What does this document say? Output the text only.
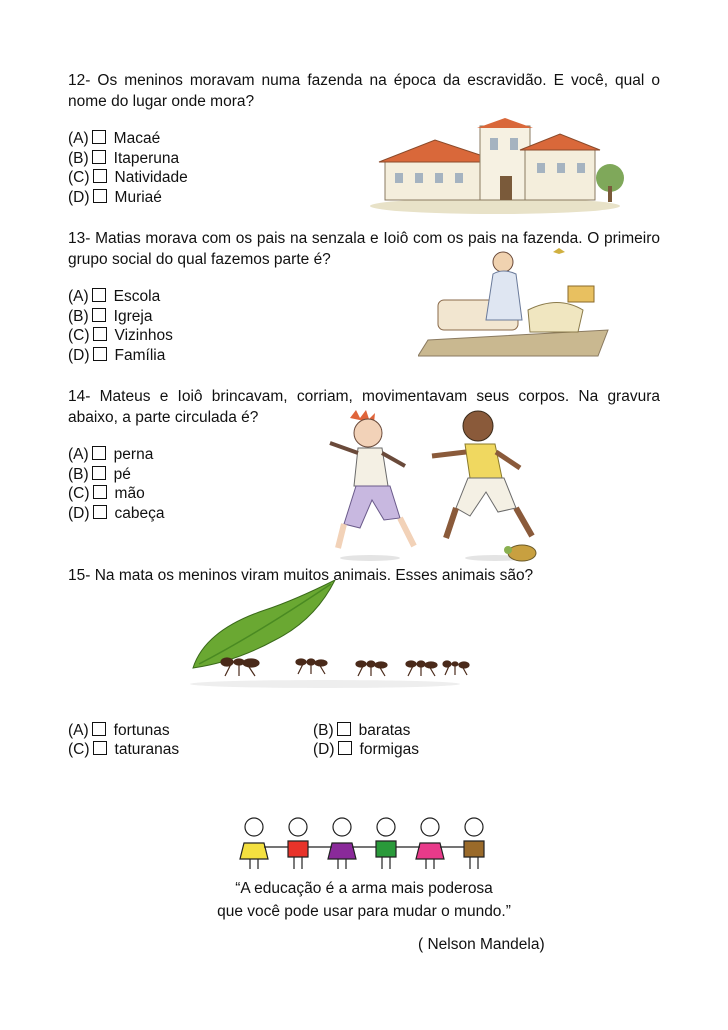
12- Os meninos moravam numa fazenda na época da escravidão. E você, qual o nome do lugar onde mora?
(A) Macaé
(B) Itaperuna
(C) Natividade
(D) Muriaé
13- Matias morava com os pais na senzala e Ioiô com os pais na fazenda. O primeiro grupo social do qual fazemos parte é?
(A) Escola
(B) Igreja
(C) Vizinhos
(D) Família
14- Mateus e Ioiô brincavam, corriam, movimentavam seus corpos. Na gravura abaixo, a parte circulada é?
(A) perna
(B) pé
(C) mão
(D) cabeça
15- Na mata os meninos viram muitos animais. Esses animais são?
(A) fortunas	(B) baratas
(C) taturanas	(D) formigas
“A educação é a arma mais poderosa
que você pode usar para mudar o mundo.”
( Nelson Mandela)
